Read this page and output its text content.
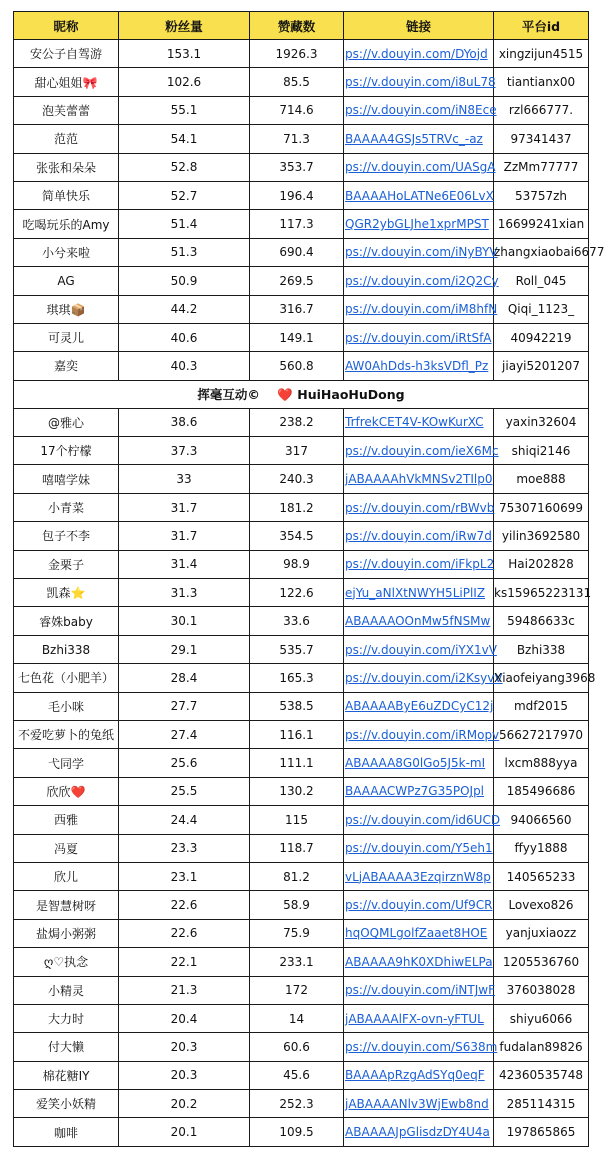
昵称	粉丝量	赞藏数	链接	平台id
安公子自驾游	153.1	1926.3	ps://v.douyin.com/DYojd	xingzijun4515
甜心姐姐🎀	102.6	85.5	ps://v.douyin.com/i8uL78	tiantianx00
泡芙蕾蕾	55.1	714.6	ps://v.douyin.com/iN8Ece	rzl666777.
范范	54.1	71.3	BAAAA4GSJs5TRVc_-az	97341437
张张和朵朵	52.8	353.7	ps://v.douyin.com/UASgA	ZzMm77777
简单快乐	52.7	196.4	BAAAAHoLATNe6E06LvX	53757zh
吃喝玩乐的Amy	51.4	117.3	QGR2ybGLJhe1xprMPST	16699241xian
小兮来啦	51.3	690.4	ps://v.douyin.com/iNyBYV	zhangxiaobai6677
AG	50.9	269.5	ps://v.douyin.com/i2Q2Cy	Roll_045
琪琪📦	44.2	316.7	ps://v.douyin.com/iM8hfN	Qiqi_1123_
可灵儿	40.6	149.1	ps://v.douyin.com/iRtSfA	40942219
嘉奕	40.3	560.8	AW0AhDds-h3ksVDfl_Pz	jiayi5201207
挥毫互动© ❤️ HuiHaoHuDong				
@雅心	38.6	238.2	TrfrekCET4V-KOwKurXC	yaxin32604
17个柠檬	37.3	317	ps://v.douyin.com/ieX6Mc	shiqi2146
嘻嘻学妹	33	240.3	jABAAAAhVkMNSv2TIlp0	moe888
小青菜	31.7	181.2	ps://v.douyin.com/rBWvb	75307160699
包子不李	31.7	354.5	ps://v.douyin.com/iRw7d	yilin3692580
金栗子	31.4	98.9	ps://v.douyin.com/iFkpL2	Hai202828
凯森⭐	31.3	122.6	ejYu_aNlXtNWYH5LiPlIZ	ks15965223131
睿姝baby	30.1	33.6	ABAAAAOOnMw5fNSMw	59486633c
Bzhi338	29.1	535.7	ps://v.douyin.com/iYX1vV	Bzhi338
七色花（小肥羊）	28.4	165.3	ps://v.douyin.com/i2KsyvV	Xiaofeiyang3968
毛小咪	27.7	538.5	ABAAAAByE6uZDCyC12j	mdf2015
不爱吃萝卜的兔纸	27.4	116.1	ps://v.douyin.com/iRMopv	56627217970
弋同学	25.6	111.1	ABAAAA8G0lGo5J5k-mI	lxcm888yya
欣欣❤️	25.5	130.2	BAAAACWPz7G35POJpl	185496686
西雅	24.4	115	ps://v.douyin.com/id6UCD	94066560
冯夏	23.3	118.7	ps://v.douyin.com/Y5eh1	ffyy1888
欣儿	23.1	81.2	vLjABAAAA3EzqirznW8p	140565233
是智慧树呀	22.6	58.9	ps://v.douyin.com/Uf9CR	Lovexo826
盐焗小粥粥	22.6	75.9	hqOQMLgolfZaaet8HOE	yanjuxiaozz
ღ♡执念	22.1	233.1	ABAAAA9hK0XDhiwELPa	1205536760
小精灵	21.3	172	ps://v.douyin.com/iNTJwF	376038028
大力时	20.4	14	jABAAAAlFX-ovn-yFTUL	shiyu6066
付大懒	20.3	60.6	ps://v.douyin.com/S638m	fudalan89826
棉花糖IY	20.3	45.6	BAAAApRzgAdSYq0eqF	42360535748
爱笑小妖精	20.2	252.3	jABAAAANlv3WjEwb8nd	285114315
咖啡	20.1	109.5	ABAAAAJpGlisdzDY4U4a	197865865
